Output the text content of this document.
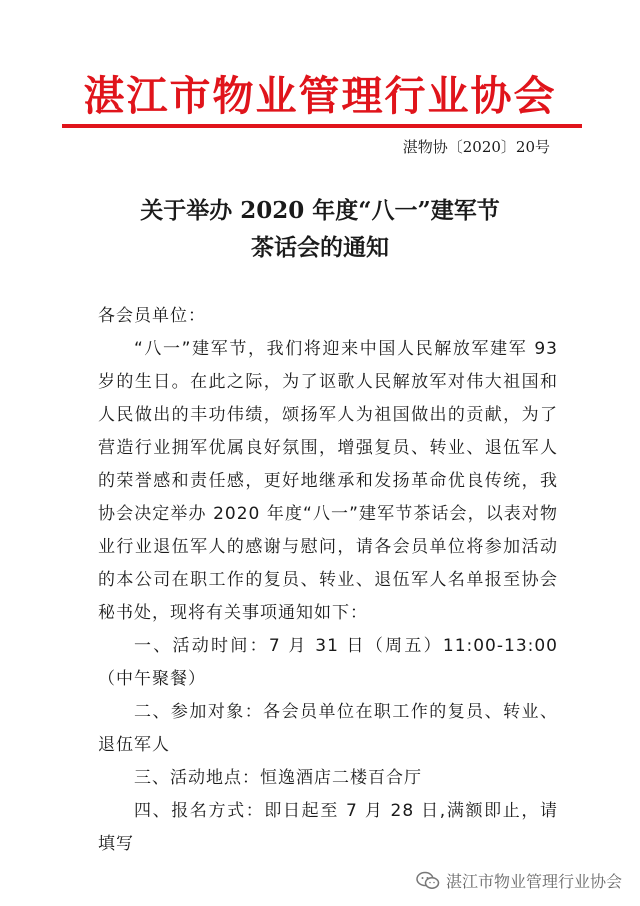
湛江市物业管理行业协会
湛物协〔2020〕20号
关于举办 2020 年度“八一”建军节
茶话会的通知

各会员单位：

“八一”建军节，我们将迎来中国人民解放军建军 93 岁的生日。在此之际，为了讴歌人民解放军对伟大祖国和人民做出的丰功伟绩，颂扬军人为祖国做出的贡献，为了营造行业拥军优属良好氛围，增强复员、转业、退伍军人的荣誉感和责任感，更好地继承和发扬革命优良传统，我协会决定举办 2020 年度“八一”建军节茶话会，以表对物业行业退伍军人的感谢与慰问，请各会员单位将参加活动的本公司在职工作的复员、转业、退伍军人名单报至协会秘书处，现将有关事项通知如下：

一、活动时间：7 月 31 日（周五）11:00-13:00（中午聚餐）

二、参加对象：各会员单位在职工作的复员、转业、退伍军人

三、活动地点：恒逸酒店二楼百合厅

四、报名方式：即日起至 7 月 28 日,满额即止，请填写

湛江市物业管理行业协会
